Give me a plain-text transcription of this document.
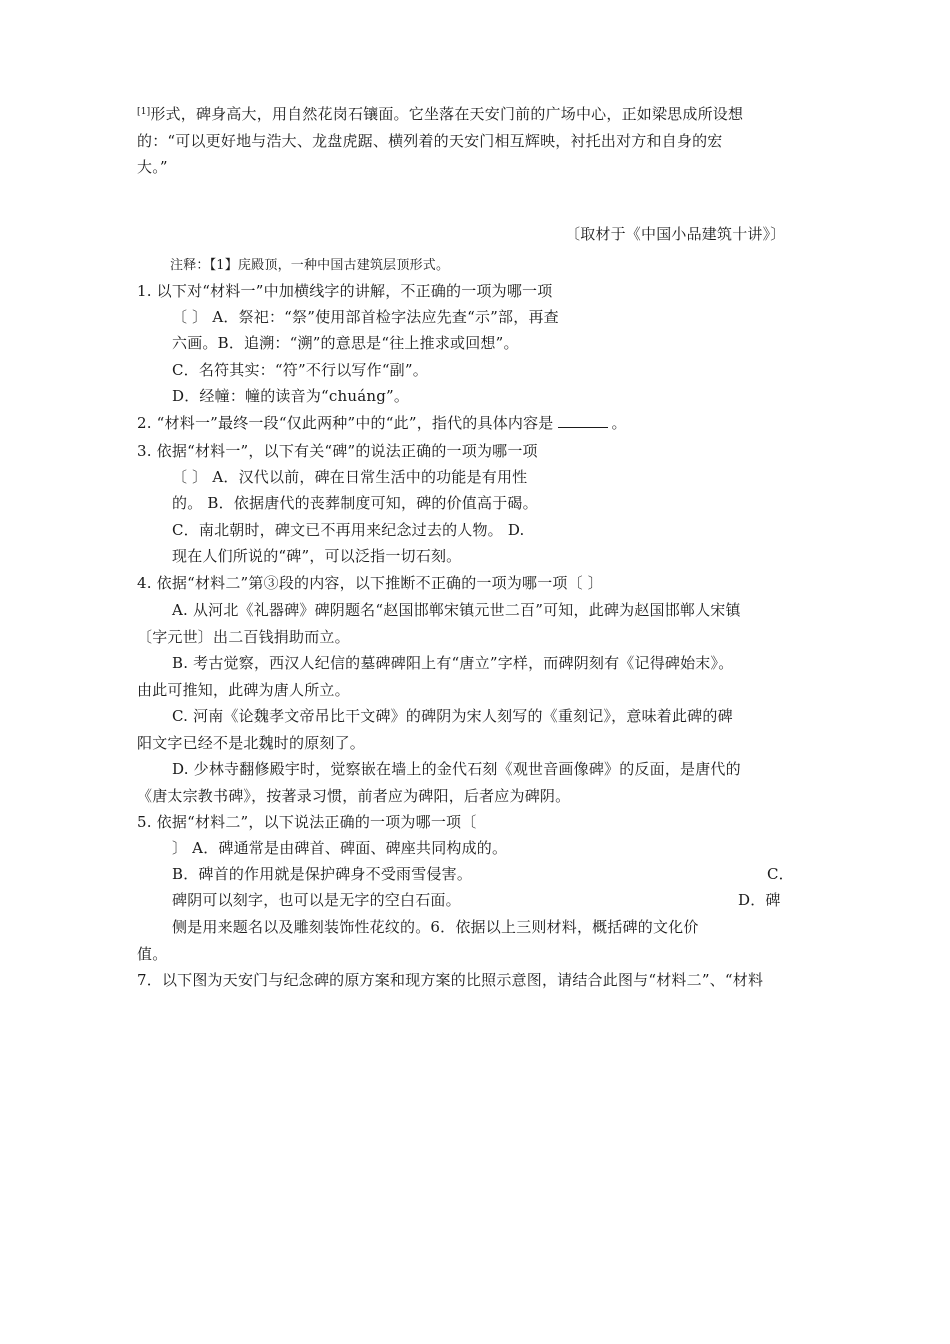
[1]形式，碑身高大，用自然花岗石镶面。它坐落在天安门前的广场中心，正如梁思成所设想
的：“可以更好地与浩大、龙盘虎踞、横列着的天安门相互辉映，衬托出对方和自身的宏
大。”
〔取材于《中国小品建筑十讲》〕
注释：【1】庑殿顶，一种中国古建筑层顶形式。
1. 以下对“材料一”中加横线字的讲解，不正确的一项为哪一项
〔 〕 A．祭祀：“祭”使用部首检字法应先查“示”部，再查
六画。B．追溯：“溯”的意思是“往上推求或回想”。
C．名符其实：“符”不行以写作“副”。
D．经幢：幢的读音为“chuáng”。
2. “材料一”最终一段“仅此两种”中的“此”，指代的具体内容是	。
3. 依据“材料一”，以下有关“碑”的说法正确的一项为哪一项
〔 〕 A．汉代以前，碑在日常生活中的功能是有用性
的。 B．依据唐代的丧葬制度可知，碑的价值高于碣。
C．南北朝时，碑文已不再用来纪念过去的人物。 D.
现在人们所说的“碑”，可以泛指一切石刻。
4. 依据“材料二”第③段的内容，以下推断不正确的一项为哪一项〔 〕
A. 从河北《礼器碑》碑阴题名“赵国邯郸宋镇元世二百”可知，此碑为赵国邯郸人宋镇
〔字元世〕出二百钱捐助而立。
B. 考古觉察，西汉人纪信的墓碑碑阳上有“唐立”字样，而碑阴刻有《记得碑始末》。
由此可推知，此碑为唐人所立。
C. 河南《论魏孝文帝吊比干文碑》的碑阴为宋人刻写的《重刻记》，意味着此碑的碑
阳文字已经不是北魏时的原刻了。
D. 少林寺翻修殿宇时，觉察嵌在墙上的金代石刻《观世音画像碑》的反面，是唐代的
《唐太宗教书碑》，按著录习惯，前者应为碑阳，后者应为碑阴。
5. 依据“材料二”，以下说法正确的一项为哪一项〔
〕 A．碑通常是由碑首、碑面、碑座共同构成的。
B．碑首的作用就是保护碑身不受雨雪侵害。	C．
碑阴可以刻字，也可以是无字的空白石面。	D．碑
侧是用来题名以及雕刻装饰性花纹的。6．依据以上三则材料，概括碑的文化价
值。
7．以下图为天安门与纪念碑的原方案和现方案的比照示意图，请结合此图与“材料二”、“材料
